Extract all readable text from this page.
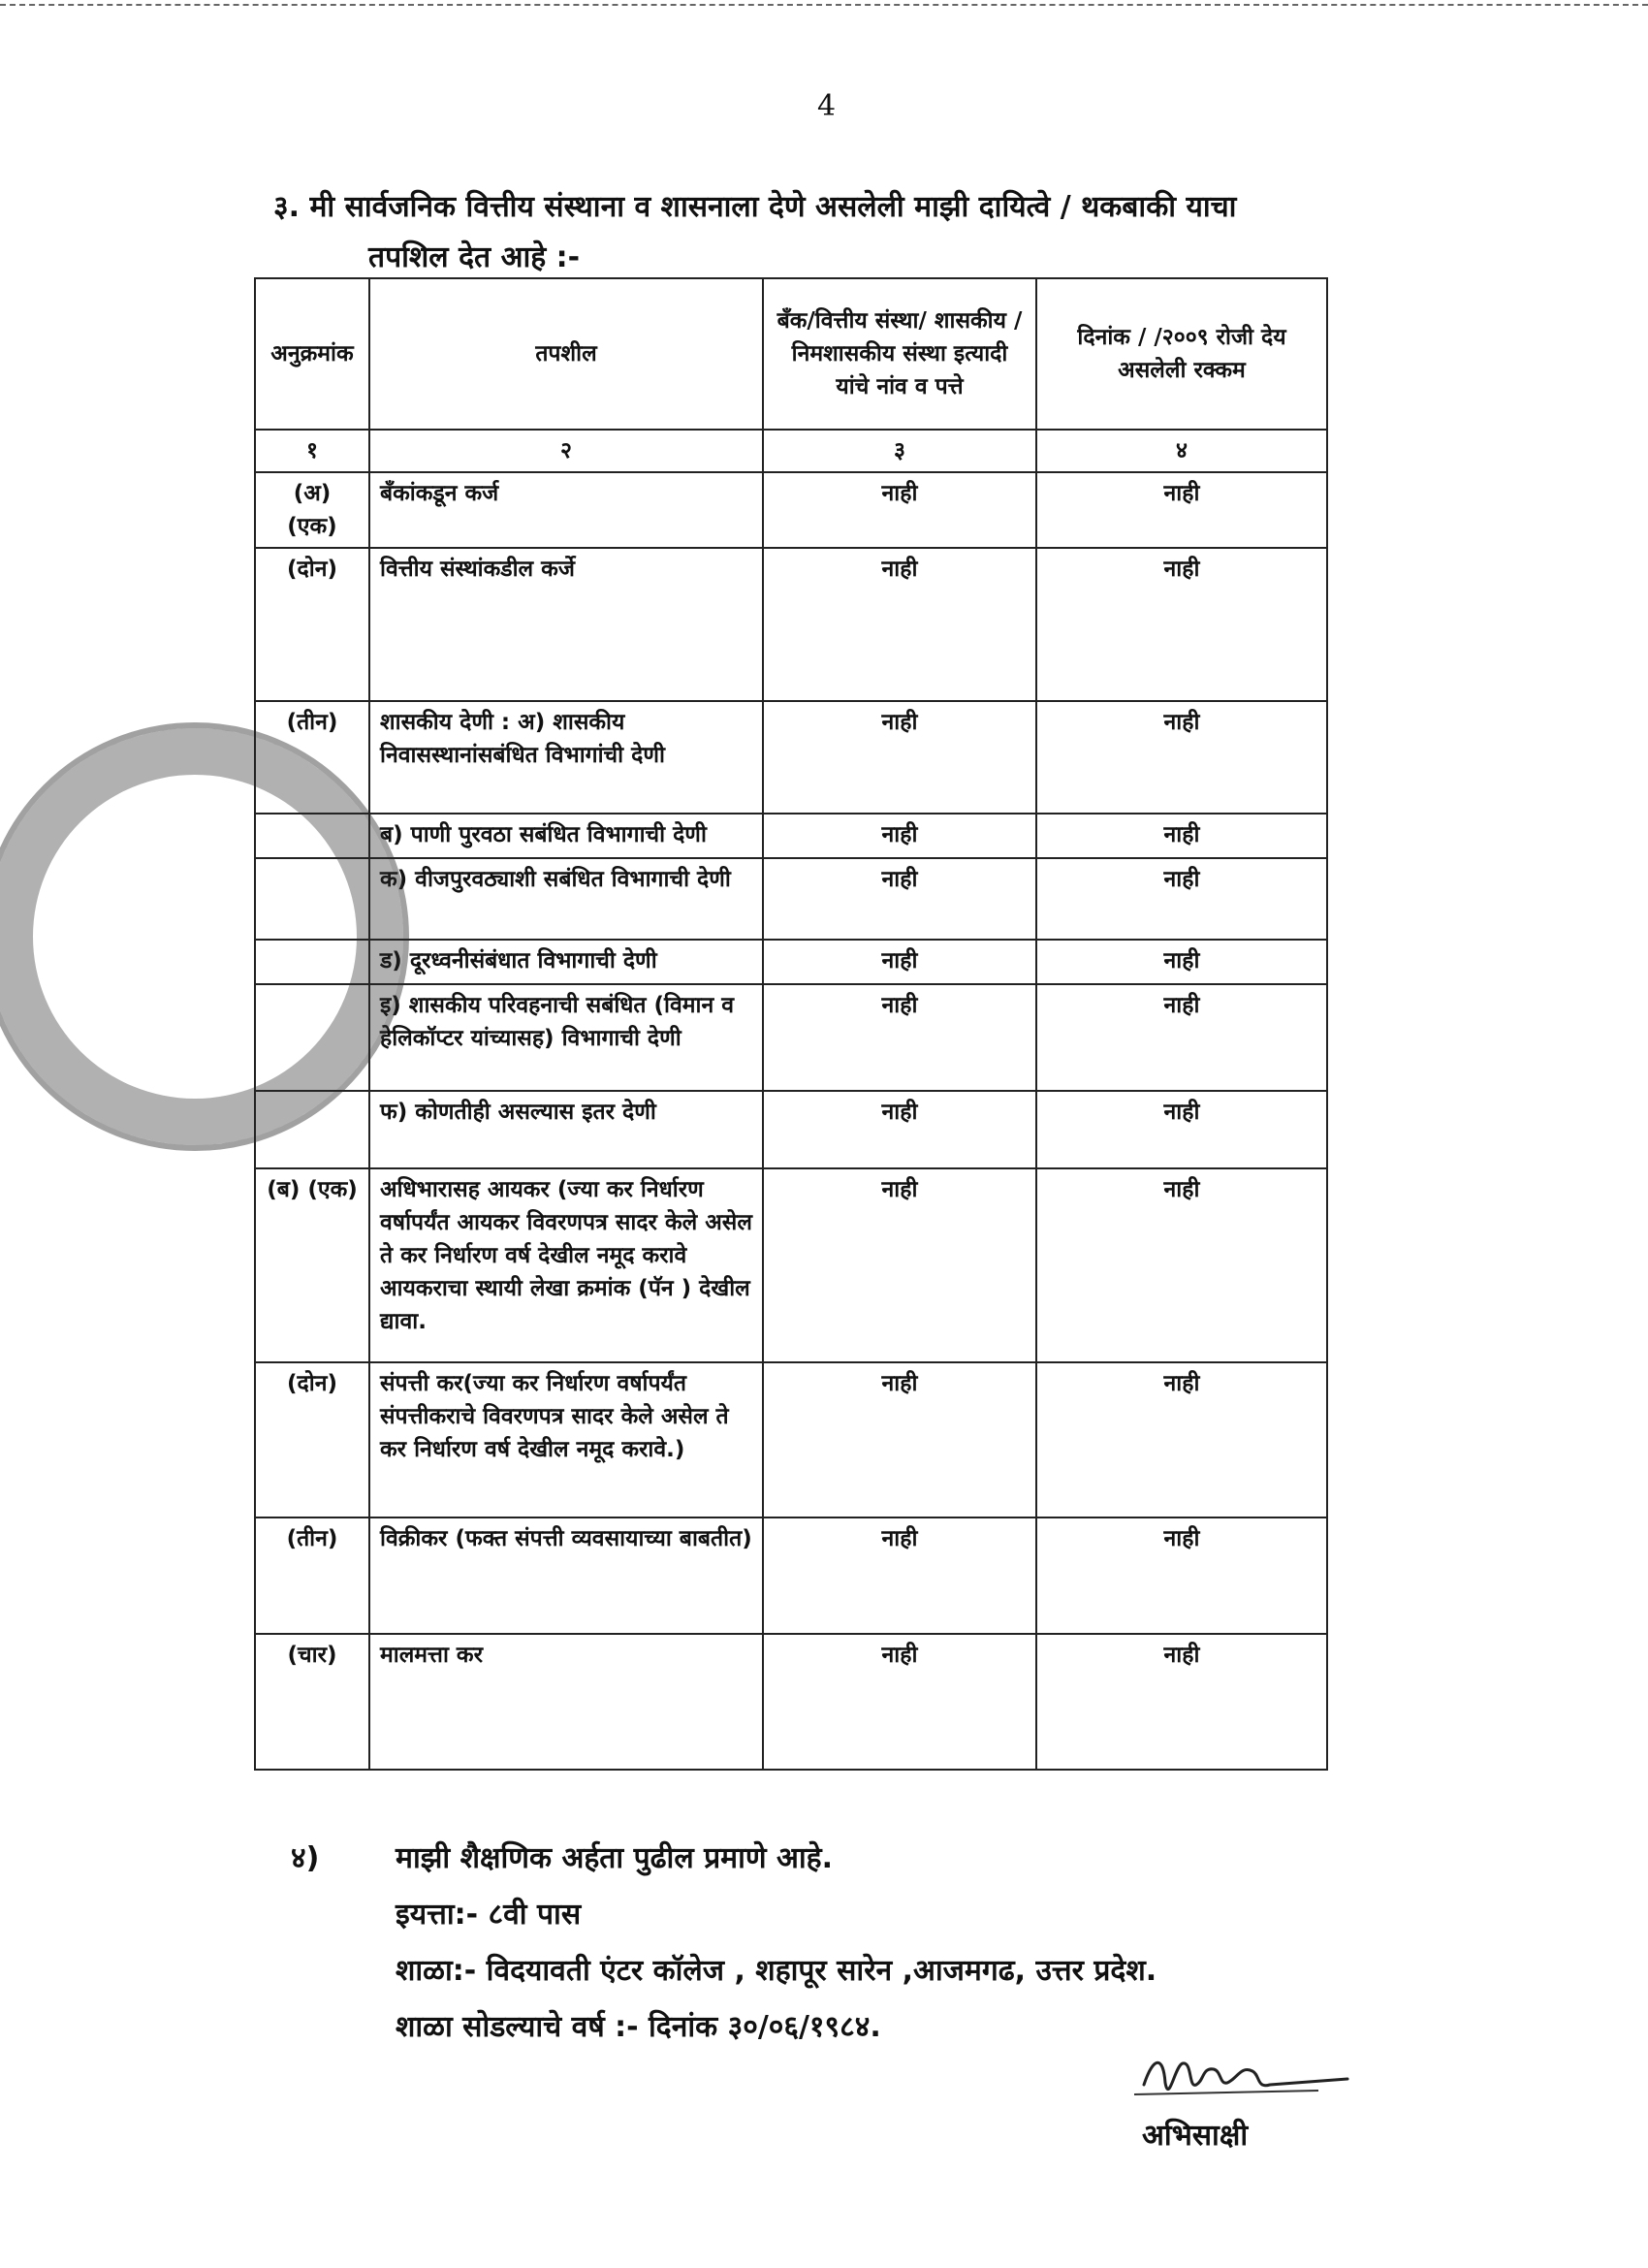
4
३. मी सार्वजनिक वित्तीय संस्थाना व शासनाला देणे असलेली माझी दायित्वे / थकबाकी याचा
तपशिल देत आहे :-
अनुक्रमांक	तपशील	बँक/वित्तीय संस्था/ शासकीय / निमशासकीय संस्था इत्यादी यांचे नांव व पत्ते	दिनांक / /२००९ रोजी देय असलेली रक्कम
१	२	३	४
(अ) (एक)	बँकांकडून कर्ज	नाही	नाही
(दोन)	वित्तीय संस्थांकडील कर्जे	नाही	नाही
(तीन)	शासकीय देणी : अ) शासकीय निवासस्थानांसबंधित विभागांची देणी	नाही	नाही
	ब) पाणी पुरवठा सबंधित विभागाची देणी	नाही	नाही
	क) वीजपुरवठ्याशी सबंधित विभागाची देणी	नाही	नाही
	ड) दूरध्वनीसंबंधात विभागाची देणी	नाही	नाही
	इ) शासकीय परिवहनाची सबंधित (विमान व हेलिकॉप्टर यांच्यासह) विभागाची देणी	नाही	नाही
	फ) कोणतीही असल्यास इतर देणी	नाही	नाही
(ब) (एक)	अधिभारासह आयकर (ज्या कर निर्धारण वर्षापर्यंत आयकर विवरणपत्र सादर केले असेल ते कर निर्धारण वर्ष देखील नमूद करावे आयकराचा स्थायी लेखा क्रमांक (पॅन ) देखील द्यावा.	नाही	नाही
(दोन)	संपत्ती कर(ज्या कर निर्धारण वर्षापर्यंत संपत्तीकराचे विवरणपत्र सादर केले असेल ते कर निर्धारण वर्ष देखील नमूद करावे.)	नाही	नाही
(तीन)	विक्रीकर (फक्त संपत्ती व्यवसायाच्या बाबतीत)	नाही	नाही
(चार)	मालमत्ता कर	नाही	नाही
४)	माझी शैक्षणिक अर्हता पुढील प्रमाणे आहे.
इयत्ता:- ८वी पास
शाळा:- विदयावती एंटर कॉलेज , शहापूर सारेन ,आजमगढ, उत्तर प्रदेश.
शाळा सोडल्याचे वर्ष :- दिनांक ३०/०६/१९८४.
अभिसाक्षी
